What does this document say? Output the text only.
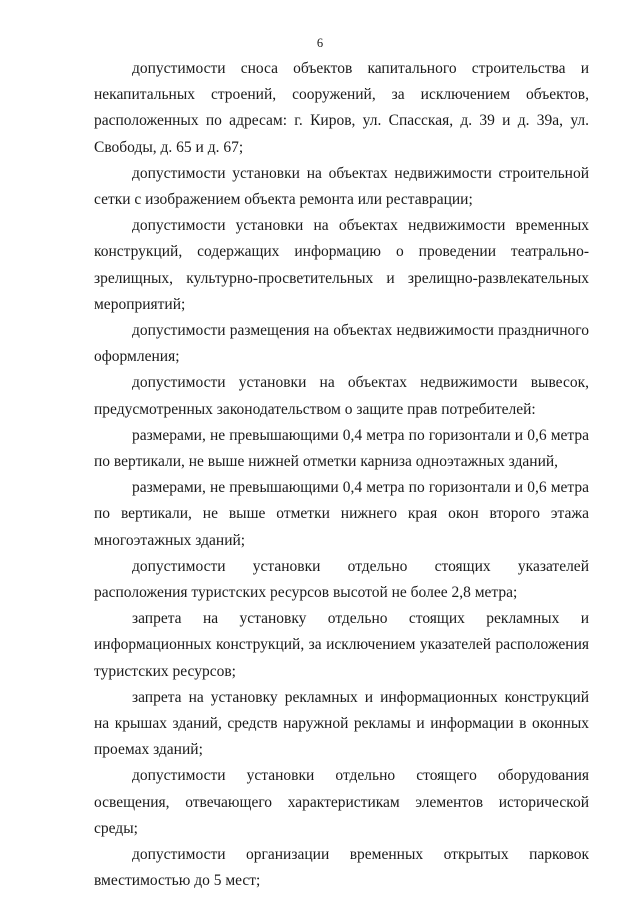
6

допустимости сноса объектов капитального строительства и некапитальных строений, сооружений, за исключением объектов, расположенных по адресам: г. Киров, ул. Спасская, д. 39 и д. 39а, ул. Свободы, д. 65 и д. 67;

допустимости установки на объектах недвижимости строительной сетки с изображением объекта ремонта или реставрации;

допустимости установки на объектах недвижимости временных конструкций, содержащих информацию о проведении театрально-зрелищных, культурно-просветительных и зрелищно-развлекательных мероприятий;

допустимости размещения на объектах недвижимости праздничного оформления;

допустимости установки на объектах недвижимости вывесок, предусмотренных законодательством о защите прав потребителей:

размерами, не превышающими 0,4 метра по горизонтали и 0,6 метра по вертикали, не выше нижней отметки карниза одноэтажных зданий,

размерами, не превышающими 0,4 метра по горизонтали и 0,6 метра по вертикали, не выше отметки нижнего края окон второго этажа многоэтажных зданий;

допустимости установки отдельно стоящих указателей расположения туристских ресурсов высотой не более 2,8 метра;

запрета на установку отдельно стоящих рекламных и информационных конструкций, за исключением указателей расположения туристских ресурсов;

запрета на установку рекламных и информационных конструкций на крышах зданий, средств наружной рекламы и информации в оконных проемах зданий;

допустимости установки отдельно стоящего оборудования освещения, отвечающего характеристикам элементов исторической среды;

допустимости организации временных открытых парковок вместимостью до 5 мест;
